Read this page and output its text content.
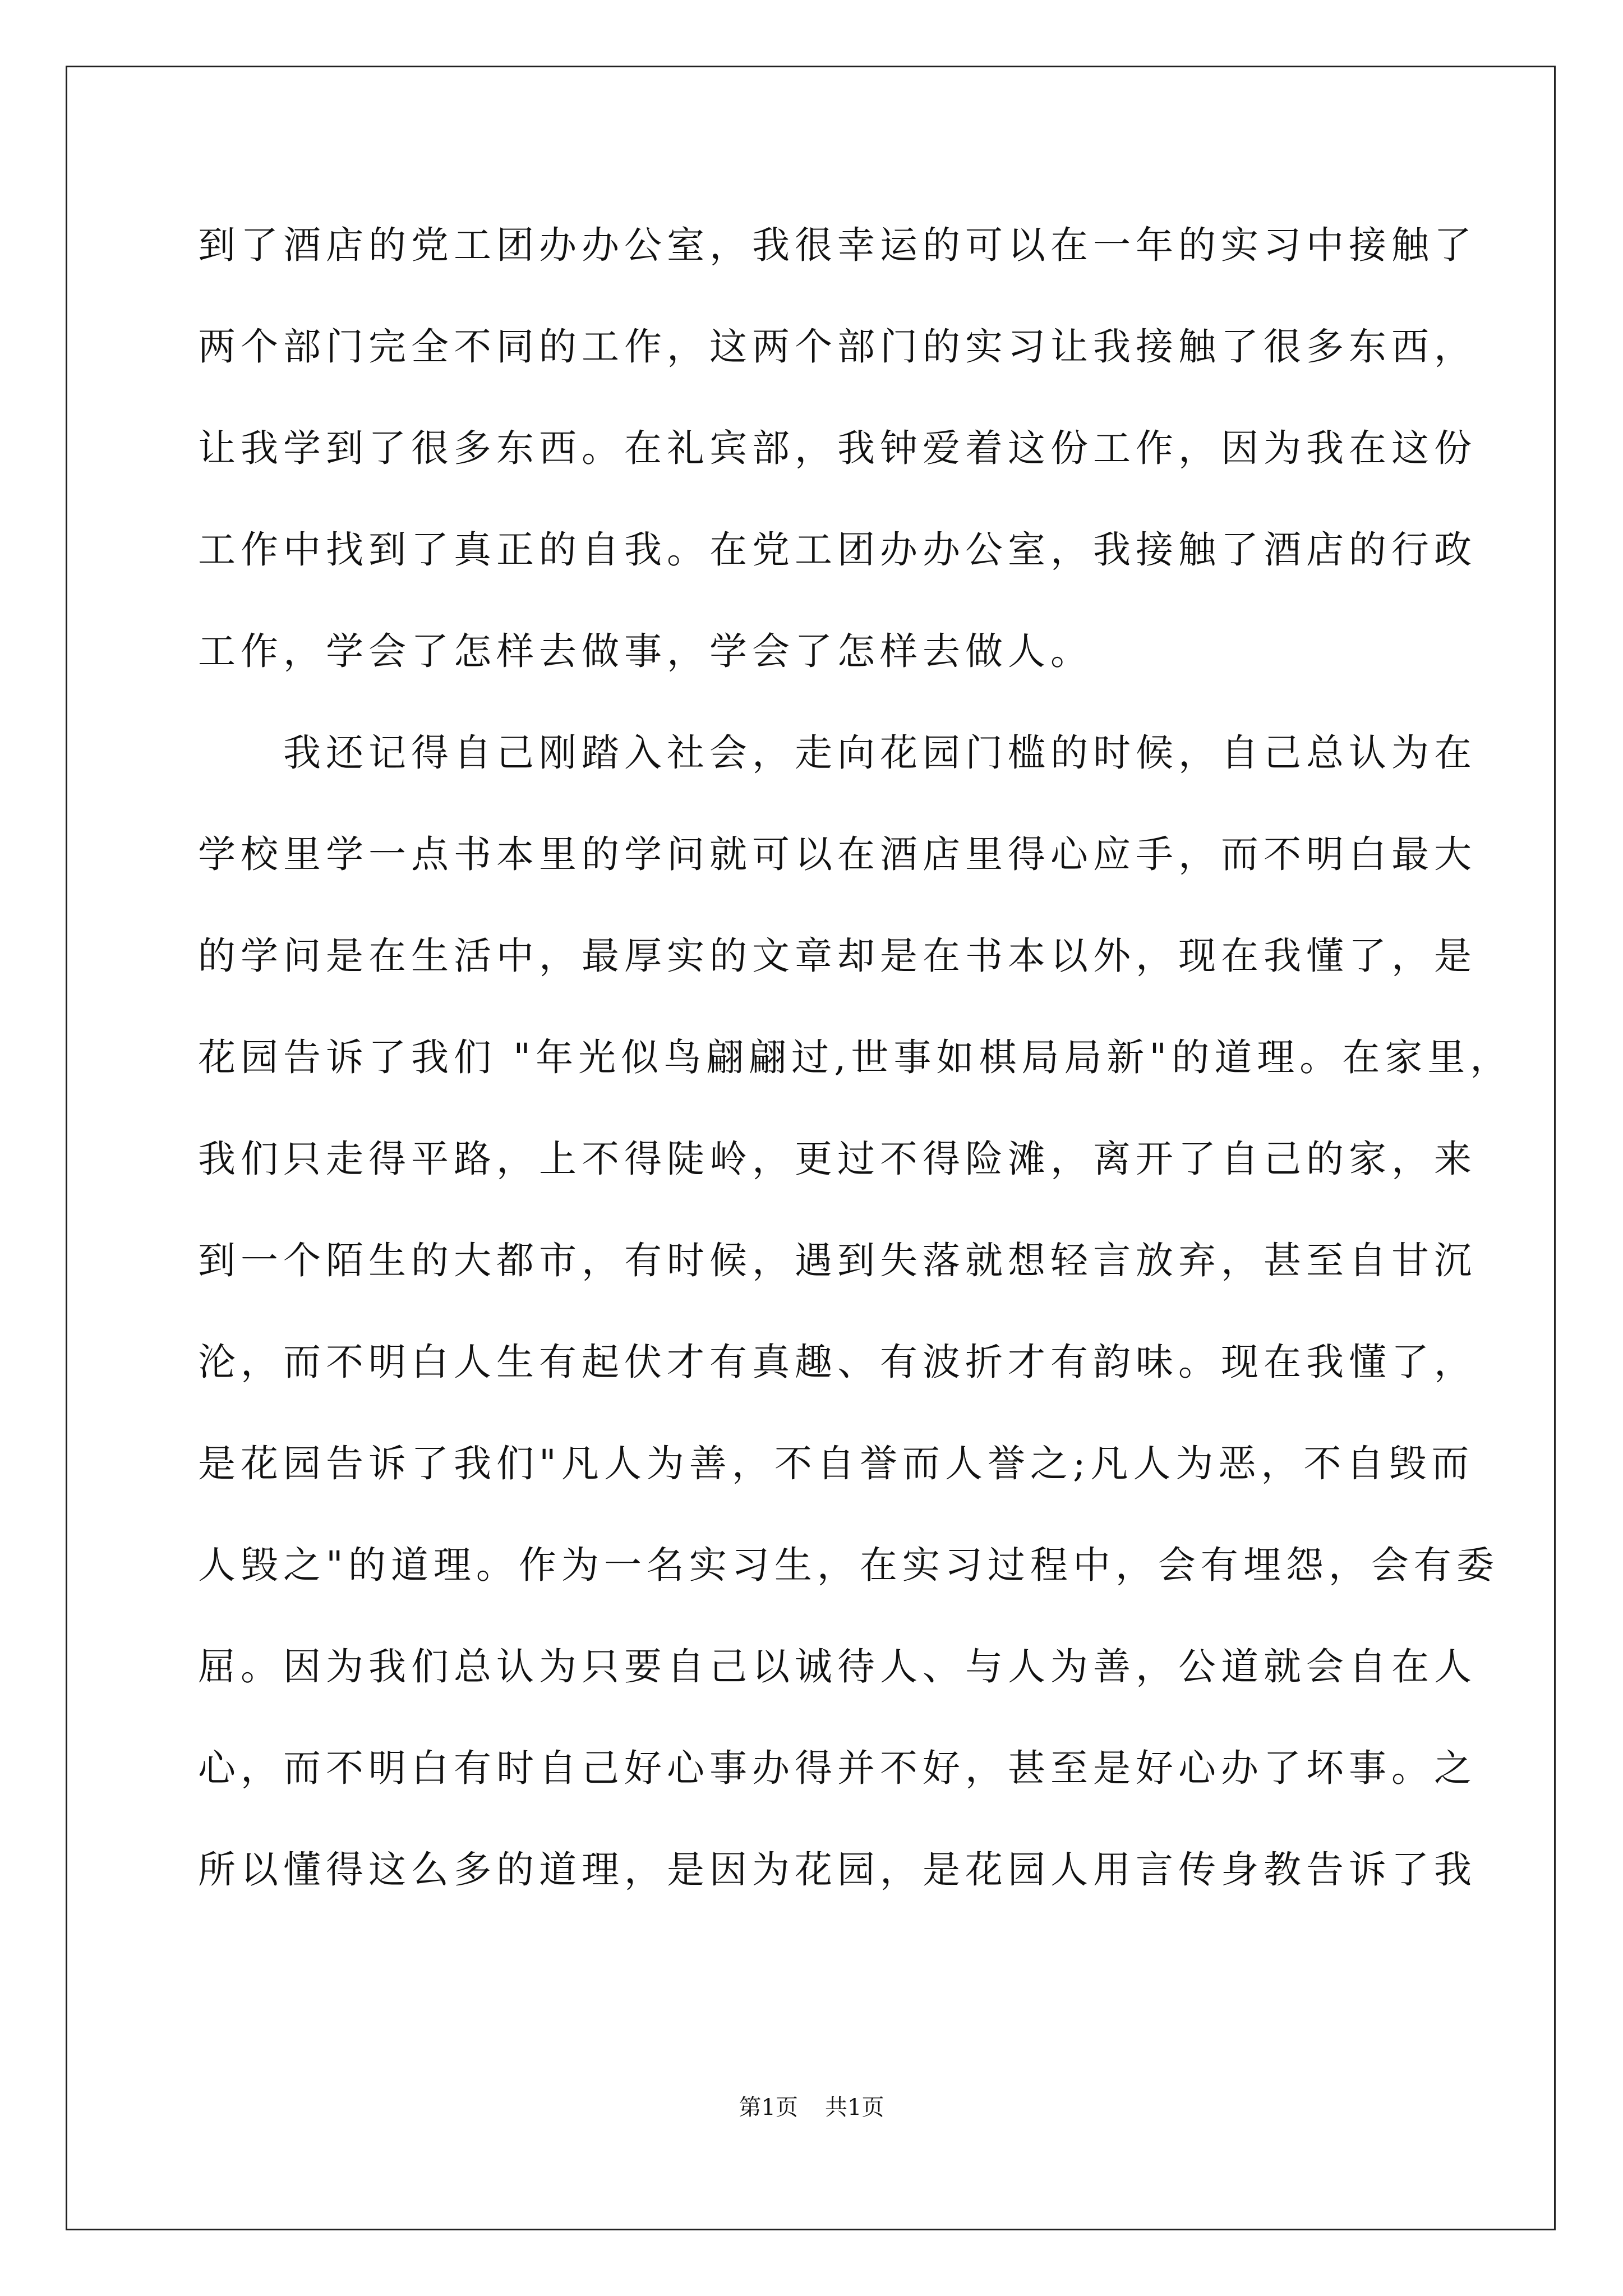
到了酒店的党工团办办公室，我很幸运的可以在一年的实习中接触了
两个部门完全不同的工作，这两个部门的实习让我接触了很多东西，
让我学到了很多东西。在礼宾部，我钟爱着这份工作，因为我在这份
工作中找到了真正的自我。在党工团办办公室，我接触了酒店的行政
工作，学会了怎样去做事，学会了怎样去做人。
　　我还记得自己刚踏入社会，走向花园门槛的时候，自己总认为在
学校里学一点书本里的学问就可以在酒店里得心应手，而不明白最大
的学问是在生活中，最厚实的文章却是在书本以外，现在我懂了，是
花园告诉了我们 "年光似鸟翩翩过,世事如棋局局新"的道理。在家里，
我们只走得平路，上不得陡岭，更过不得险滩，离开了自己的家，来
到一个陌生的大都市，有时候，遇到失落就想轻言放弃，甚至自甘沉
沦，而不明白人生有起伏才有真趣、有波折才有韵味。现在我懂了，
是花园告诉了我们"凡人为善，不自誉而人誉之;凡人为恶，不自毁而
人毁之"的道理。作为一名实习生，在实习过程中，会有埋怨，会有委
屈。因为我们总认为只要自己以诚待人、与人为善，公道就会自在人
心，而不明白有时自己好心事办得并不好，甚至是好心办了坏事。之
所以懂得这么多的道理，是因为花园，是花园人用言传身教告诉了我
第1页 共1页
